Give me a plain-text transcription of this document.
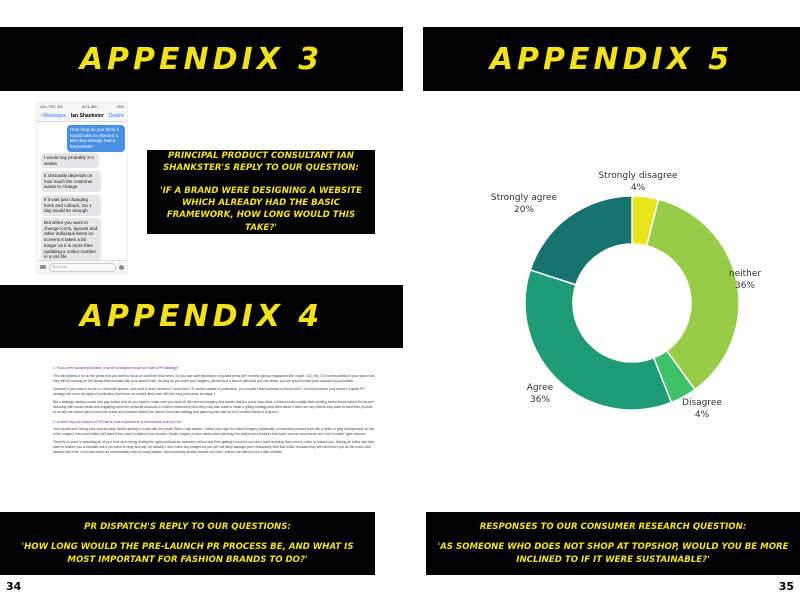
APPENDIX 3
••••• TSC 4G	9:21 AM	75%
‹ Messages Ian Shankster Details
How long do you think it would take to rebrand a site that already had a framework?
I would say probably 3-4 weeks
It obviously depends on how much the customer wants to change
If it was just changing fonts and colours, 1to 1 day would be enough
But when you want to change icons, layouts and other individual items on screens it takes a bit longer as it is more then updating a colour number in a css file
iMessage

PRINCIPAL PRODUCT CONSULTANT IAN SHANKSTER'S REPLY TO OUR QUESTION:

'IF A BRAND WERE DESIGNING A WEBSITE WHICH ALREADY HAD THE BASIC FRAMEWORK, HOW LONG WOULD THIS TAKE?'

APPENDIX 4

1. If you were launching a brand, how far in advance would you start a PR strategy?

This will depend a lot on the press that you want to focus on and their lead times. So you can start pitching to long-lead press (the monthly glossy magazines like Vogue, GQ, etc) 3-6 months ahead of your launch as they will be working on the issues that coincide with your launch then. As long as you have your imagery, pitches and a launch date that you can share, you are good to start your outreach to journalists.

However if you want to focus on short lead spaces, who tend to work between 1 week and 2.5 months ahead of publication, you wouldn't start outreach to these until 2-3 months before your launch. A great PR strategy will cover all types of publication lead times so should likely start with the long-lead press as stage 1.

But a strategy usually comes into play before that as you have to make sure you have all the relevant imagery and assets that the press may need, a brand would usually start building brand sense before the launch including with social media and engaging with their personal accounts to build a relationship! And they may also want to make a gifting strategy and think about if there are key editors they want to send free product to to help the editors get to know the brand and products before the launch. And that strategy and planning can start up to 6 months ahead of a launch.

2. Is there any one section of PR that is most important for a new fashion brand to do?

Your assets and having your assets ready before getting in touch with the press! When I say assets, I mean your high-res edited imagery (especially on standard product shot with a white or grey background) as this is the imagery that most editors will want if they want to feature your product. Model imagery is also useful when pitching into articles and features that focus around new brands and 'one to watch' type features.

There is no point in spending all of your time and energy finding the right publications, features, editors and then getting in touch if you don't have anything they need in order to feature you. Having an editor say they want to feature you is fantastic but if you have to reply and say 'oh actually I don't have any images for you yet' will likely damage your relationship with that editor because they will remember you as the brand who wasted their time. It sounds harsh but unfortunately with so many brands, and especially fashion brands out there, editors can afford to be a little ruthless.

PR DISPATCH'S REPLY TO OUR QUESTIONS:

'HOW LONG WOULD THE PRE-LAUNCH PR PROCESS BE, AND WHAT IS MOST IMPORTANT FOR FASHION BRANDS TO DO?'

34
APPENDIX 5
Strongly disagree
4%
neither
36%
Disagree
4%
Agree
36%
Strongly agree
20%

RESPONSES TO OUR CONSUMER RESEARCH QUESTION:

'AS SOMEONE WHO DOES NOT SHOP AT TOPSHOP, WOULD YOU BE MORE INCLINED TO IF IT WERE SUSTAINABLE?'

35
